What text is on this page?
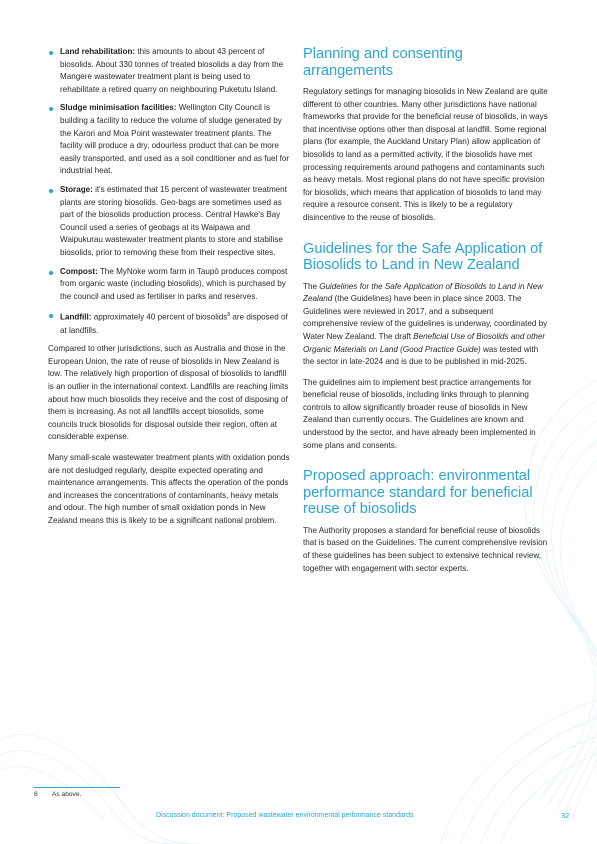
Land rehabilitation: this amounts to about 43 percent of biosolids. About 330 tonnes of treated biosolids a day from the Mangere wastewater treatment plant is being used to rehabilitate a retired quarry on neighbouring Puketutu Island.
Sludge minimisation facilities: Wellington City Council is building a facility to reduce the volume of sludge generated by the Karori and Moa Point wastewater treatment plants. The facility will produce a dry, odourless product that can be more easily transported, and used as a soil conditioner and as fuel for industrial heat.
Storage: it's estimated that 15 percent of wastewater treatment plants are storing biosolids. Geo-bags are sometimes used as part of the biosolids production process. Central Hawke's Bay Council used a series of geobags at its Waipawa and Waipukurau wastewater treatment plants to store and stabilise biosolids, prior to removing these from their respective sites.
Compost: The MyNoke worm farm in Taupō produces compost from organic waste (including biosolids), which is purchased by the council and used as fertiliser in parks and reserves.
Landfill: approximately 40 percent of biosolids$^8$ are disposed of at landfills.

Compared to other jurisdictions, such as Australia and those in the European Union, the rate of reuse of biosolids in New Zealand is low. The relatively high proportion of disposal of biosolids to landfill is an outlier in the international context. Landfills are reaching limits about how much biosolids they receive and the cost of disposing of them is increasing. As not all landfills accept biosolids, some councils truck biosolids for disposal outside their region, often at considerable expense.

Many small-scale wastewater treatment plants with oxidation ponds are not desludged regularly, despite expected operating and maintenance arrangements. This affects the operation of the ponds and increases the concentrations of contaminants, heavy metals and odour. The high number of small oxidation ponds in New Zealand means this is likely to be a significant national problem.

Planning and consenting arrangements

Regulatory settings for managing biosolids in New Zealand are quite different to other countries. Many other jurisdictions have national frameworks that provide for the beneficial reuse of biosolids, in ways that incentivise options other than disposal at landfill. Some regional plans (for example, the Auckland Unitary Plan) allow application of biosolids to land as a permitted activity, if the biosolids have met processing requirements around pathogens and contaminants such as heavy metals. Most regional plans do not have specific provision for biosolids, which means that application of biosolids to land may require a resource consent. This is likely to be a regulatory disincentive to the reuse of biosolids.

Guidelines for the Safe Application of Biosolids to Land in New Zealand

The Guidelines for the Safe Application of Biosolids to Land in New Zealand (the Guidelines) have been in place since 2003. The Guidelines were reviewed in 2017, and a subsequent comprehensive review of the guidelines is underway, coordinated by Water New Zealand. The draft Beneficial Use of Biosolids and other Organic Materials on Land (Good Practice Guide) was tested with the sector in late-2024 and is due to be published in mid-2025.

The guidelines aim to implement best practice arrangements for beneficial reuse of biosolids, including links through to planning controls to allow significantly broader reuse of biosolids in New Zealand than currently occurs. The Guidelines are known and understood by the sector, and have already been implemented in some plans and consents.

Proposed approach: environmental performance standard for beneficial reuse of biosolids

The Authority proposes a standard for beneficial reuse of biosolids that is based on the Guidelines. The current comprehensive revision of these guidelines has been subject to extensive technical review, together with engagement with sector experts.

8 As above.
Discussion document: Proposed wastewater environmental performance standards	32
